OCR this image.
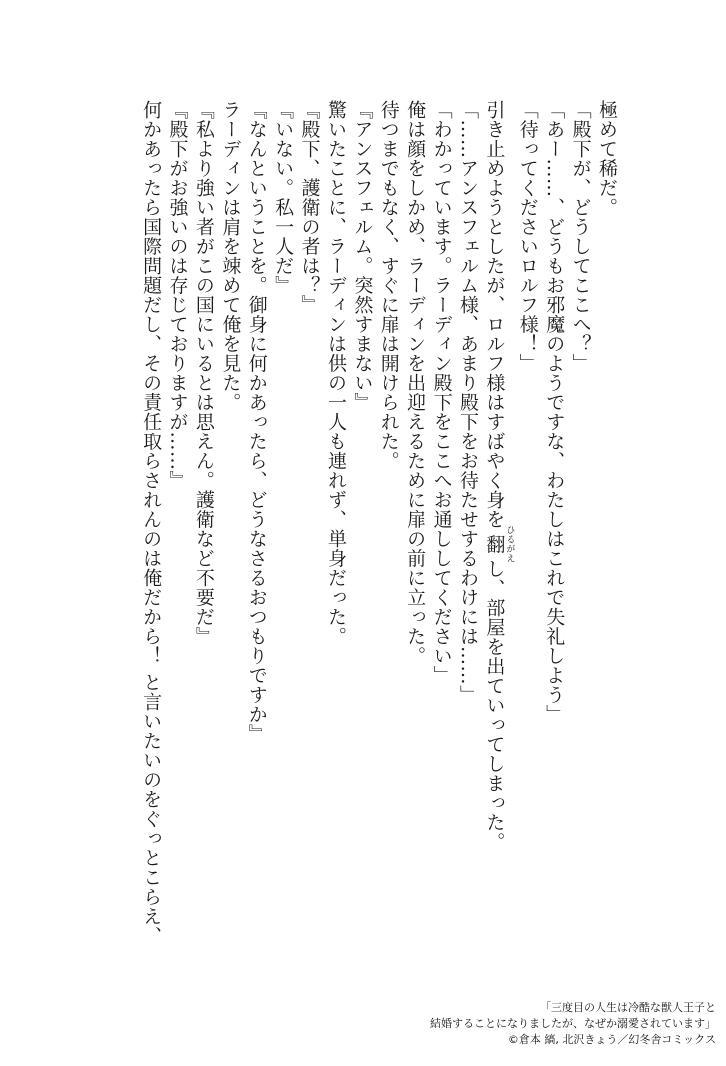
極めて稀だ。
「殿下が、どうしてここへ？」
「あー……、どうもお邪魔のようですな、わたしはこれで失礼しよう」
「待ってくださいロルフ様！」
引き止めようとしたが、ロルフ様はすばやく身を翻 ひるがえし、部屋を出ていってしまった。
「……アンスフェルム様、あまり殿下をお待たせするわけには……」
「わかっています。ラーディン殿下をここへお通ししてください」
俺は顔をしかめ、ラーディンを出迎えるために扉の前に立った。
待つまでもなく、すぐに扉は開けられた。
『アンスフェルム。突然すまない』
驚いたことに、ラーディンは供の一人も連れず、単身だった。
『殿下、護衛の者は？』
『いない。私一人だ』
『なんということを。御身に何かあったら、どうなさるおつもりですか』
ラーディンは肩を竦めて俺を見た。
『私より強い者がこの国にいるとは思えん。護衛など不要だ』
『殿下がお強いのは存じておりますが……』
何かあったら国際問題だし、その責任取らされんのは俺だから！ と言いたいのをぐっとこらえ、
「三度目の人生は冷酷な獣人王子と
結婚することになりましたが、なぜか溺愛されています」
©倉本 縞, 北沢きょう／幻冬舎コミックス
